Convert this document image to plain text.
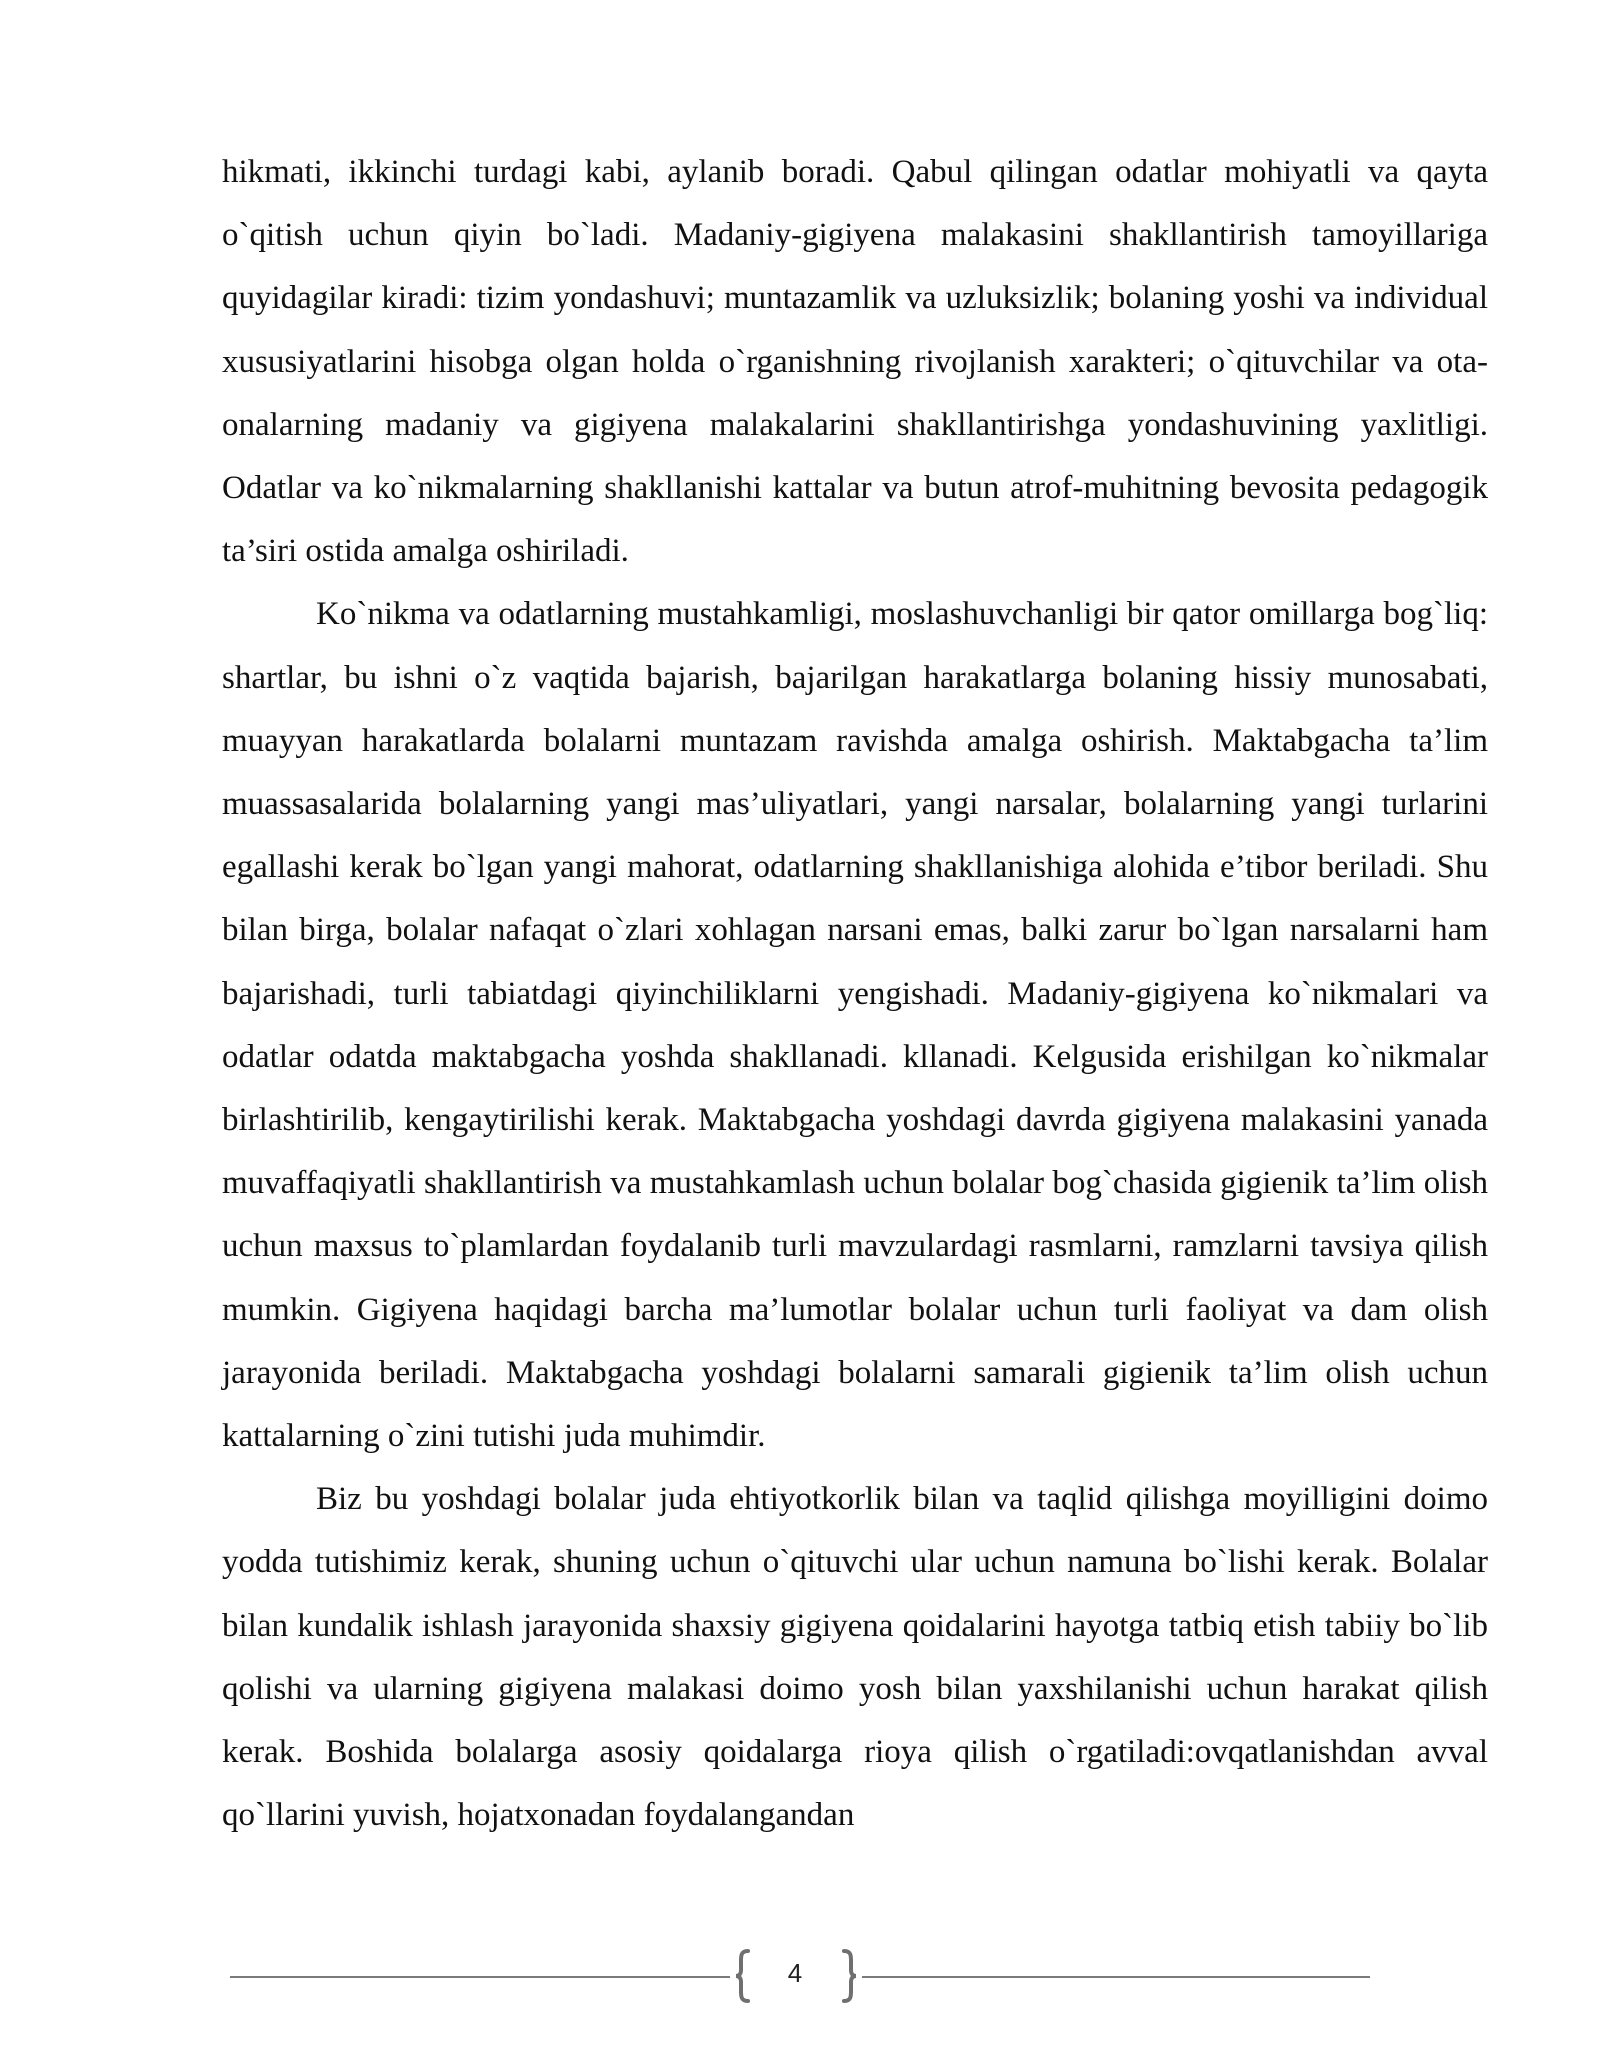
hikmati, ikkinchi turdagi kabi, aylanib boradi. Qabul qilingan odatlar mohiyatli va qayta o`qitish uchun qiyin bo`ladi. Madaniy-gigiyena malakasini shakllantirish tamoyillariga quyidagilar kiradi: tizim yondashuvi; muntazamlik va uzluksizlik; bolaning yoshi va individual xususiyatlarini hisobga olgan holda o`rganishning rivojlanish xarakteri; o`qituvchilar va ota-onalarning madaniy va gigiyena malakalarini shakllantirishga yondashuvining yaxlitligi. Odatlar va ko`nikmalarning shakllanishi kattalar va butun atrof-muhitning bevosita pedagogik ta’siri ostida amalga oshiriladi.

Ko`nikma va odatlarning mustahkamligi, moslashuvchanligi bir qator omillarga bog`liq: shartlar, bu ishni o`z vaqtida bajarish, bajarilgan harakatlarga bolaning hissiy munosabati, muayyan harakatlarda bolalarni muntazam ravishda amalga oshirish. Maktabgacha ta’lim muassasalarida bolalarning yangi mas’uliyatlari, yangi narsalar, bolalarning yangi turlarini egallashi kerak bo`lgan yangi mahorat, odatlarning shakllanishiga alohida e’tibor beriladi. Shu bilan birga, bolalar nafaqat o`zlari xohlagan narsani emas, balki zarur bo`lgan narsalarni ham bajarishadi, turli tabiatdagi qiyinchiliklarni yengishadi. Madaniy-gigiyena ko`nikmalari va odatlar odatda maktabgacha yoshda shakllanadi. kllanadi. Kelgusida erishilgan ko`nikmalar birlashtirilib, kengaytirilishi kerak. Maktabgacha yoshdagi davrda gigiyena malakasini yanada muvaffaqiyatli shakllantirish va mustahkamlash uchun bolalar bog`chasida gigienik ta’lim olish uchun maxsus to`plamlardan foydalanib turli mavzulardagi rasmlarni, ramzlarni tavsiya qilish mumkin. Gigiyena haqidagi barcha ma’lumotlar bolalar uchun turli faoliyat va dam olish jarayonida beriladi. Maktabgacha yoshdagi bolalarni samarali gigienik ta’lim olish uchun kattalarning o`zini tutishi juda muhimdir.

Biz bu yoshdagi bolalar juda ehtiyotkorlik bilan va taqlid qilishga moyilligini doimo yodda tutishimiz kerak, shuning uchun o`qituvchi ular uchun namuna bo`lishi kerak. Bolalar bilan kundalik ishlash jarayonida shaxsiy gigiyena qoidalarini hayotga tatbiq etish tabiiy bo`lib qolishi va ularning gigiyena malakasi doimo yosh bilan yaxshilanishi uchun harakat qilish kerak. Boshida bolalarga asosiy qoidalarga rioya qilish o`rgatiladi:ovqatlanishdan avval qo`llarini yuvish, hojatxonadan foydalangandan

4
